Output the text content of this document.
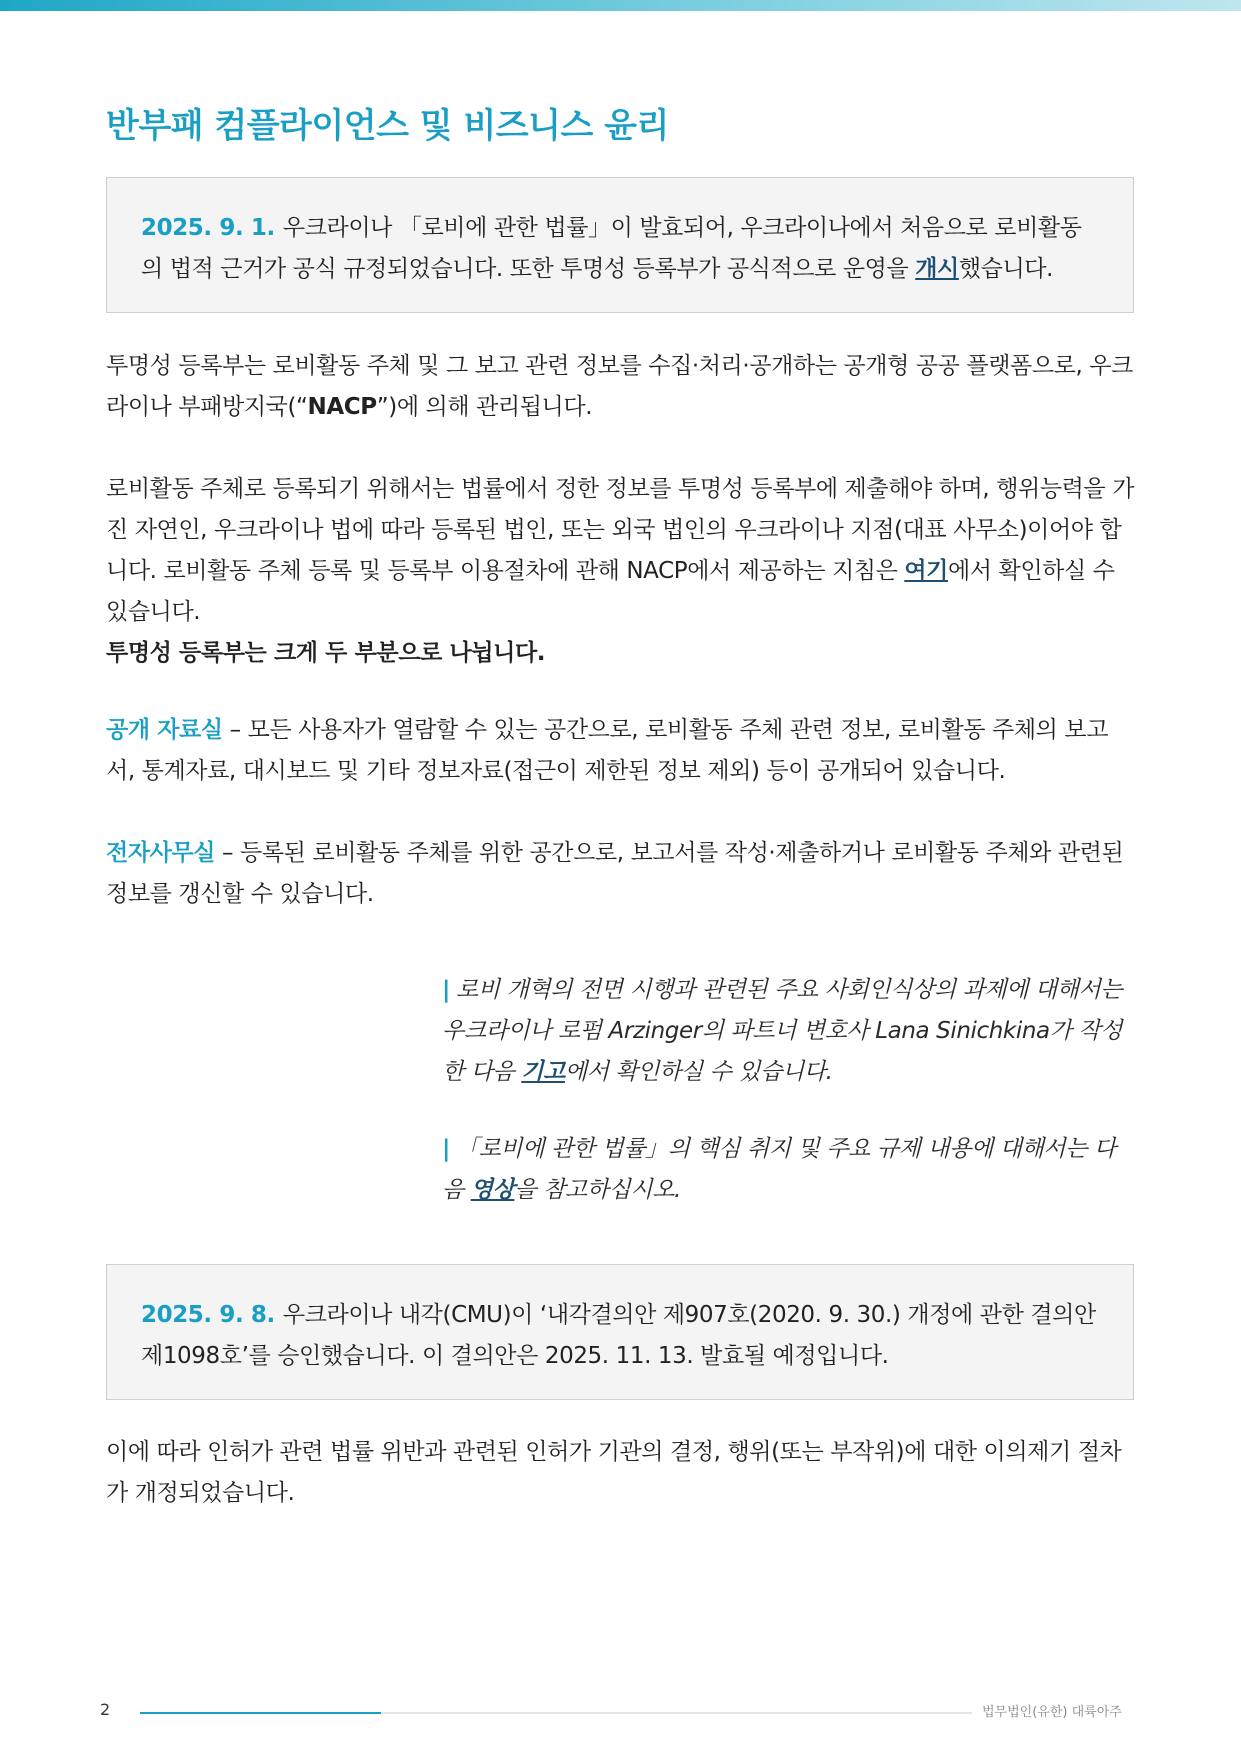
반부패 컴플라이언스 및 비즈니스 윤리
2025. 9. 1. 우크라이나 「로비에 관한 법률」이 발효되어, 우크라이나에서 처음으로 로비활동의 법적 근거가 공식 규정되었습니다. 또한 투명성 등록부가 공식적으로 운영을 개시했습니다.

투명성 등록부는 로비활동 주체 및 그 보고 관련 정보를 수집·처리·공개하는 공개형 공공 플랫폼으로, 우크라이나 부패방지국(“NACP”)에 의해 관리됩니다.

로비활동 주체로 등록되기 위해서는 법률에서 정한 정보를 투명성 등록부에 제출해야 하며, 행위능력을 가진 자연인, 우크라이나 법에 따라 등록된 법인, 또는 외국 법인의 우크라이나 지점(대표 사무소)이어야 합니다. 로비활동 주체 등록 및 등록부 이용절차에 관해 NACP에서 제공하는 지침은 여기에서 확인하실 수 있습니다.

투명성 등록부는 크게 두 부분으로 나뉩니다.

공개 자료실 – 모든 사용자가 열람할 수 있는 공간으로, 로비활동 주체 관련 정보, 로비활동 주체의 보고서, 통계자료, 대시보드 및 기타 정보자료(접근이 제한된 정보 제외) 등이 공개되어 있습니다.

전자사무실 – 등록된 로비활동 주체를 위한 공간으로, 보고서를 작성·제출하거나 로비활동 주체와 관련된 정보를 갱신할 수 있습니다.

| 로비 개혁의 전면 시행과 관련된 주요 사회인식상의 과제에 대해서는 우크라이나 로펌 Arzinger의 파트너 변호사 Lana Sinichkina가 작성한 다음 기고에서 확인하실 수 있습니다.

| 「로비에 관한 법률」의 핵심 취지 및 주요 규제 내용에 대해서는 다음 영상을 참고하십시오.

2025. 9. 8. 우크라이나 내각(CMU)이 ‘내각결의안 제907호(2020. 9. 30.) 개정에 관한 결의안 제1098호’를 승인했습니다. 이 결의안은 2025. 11. 13. 발효될 예정입니다.

이에 따라 인허가 관련 법률 위반과 관련된 인허가 기관의 결정, 행위(또는 부작위)에 대한 이의제기 절차가 개정되었습니다.

2	법무법인(유한) 대륙아주
